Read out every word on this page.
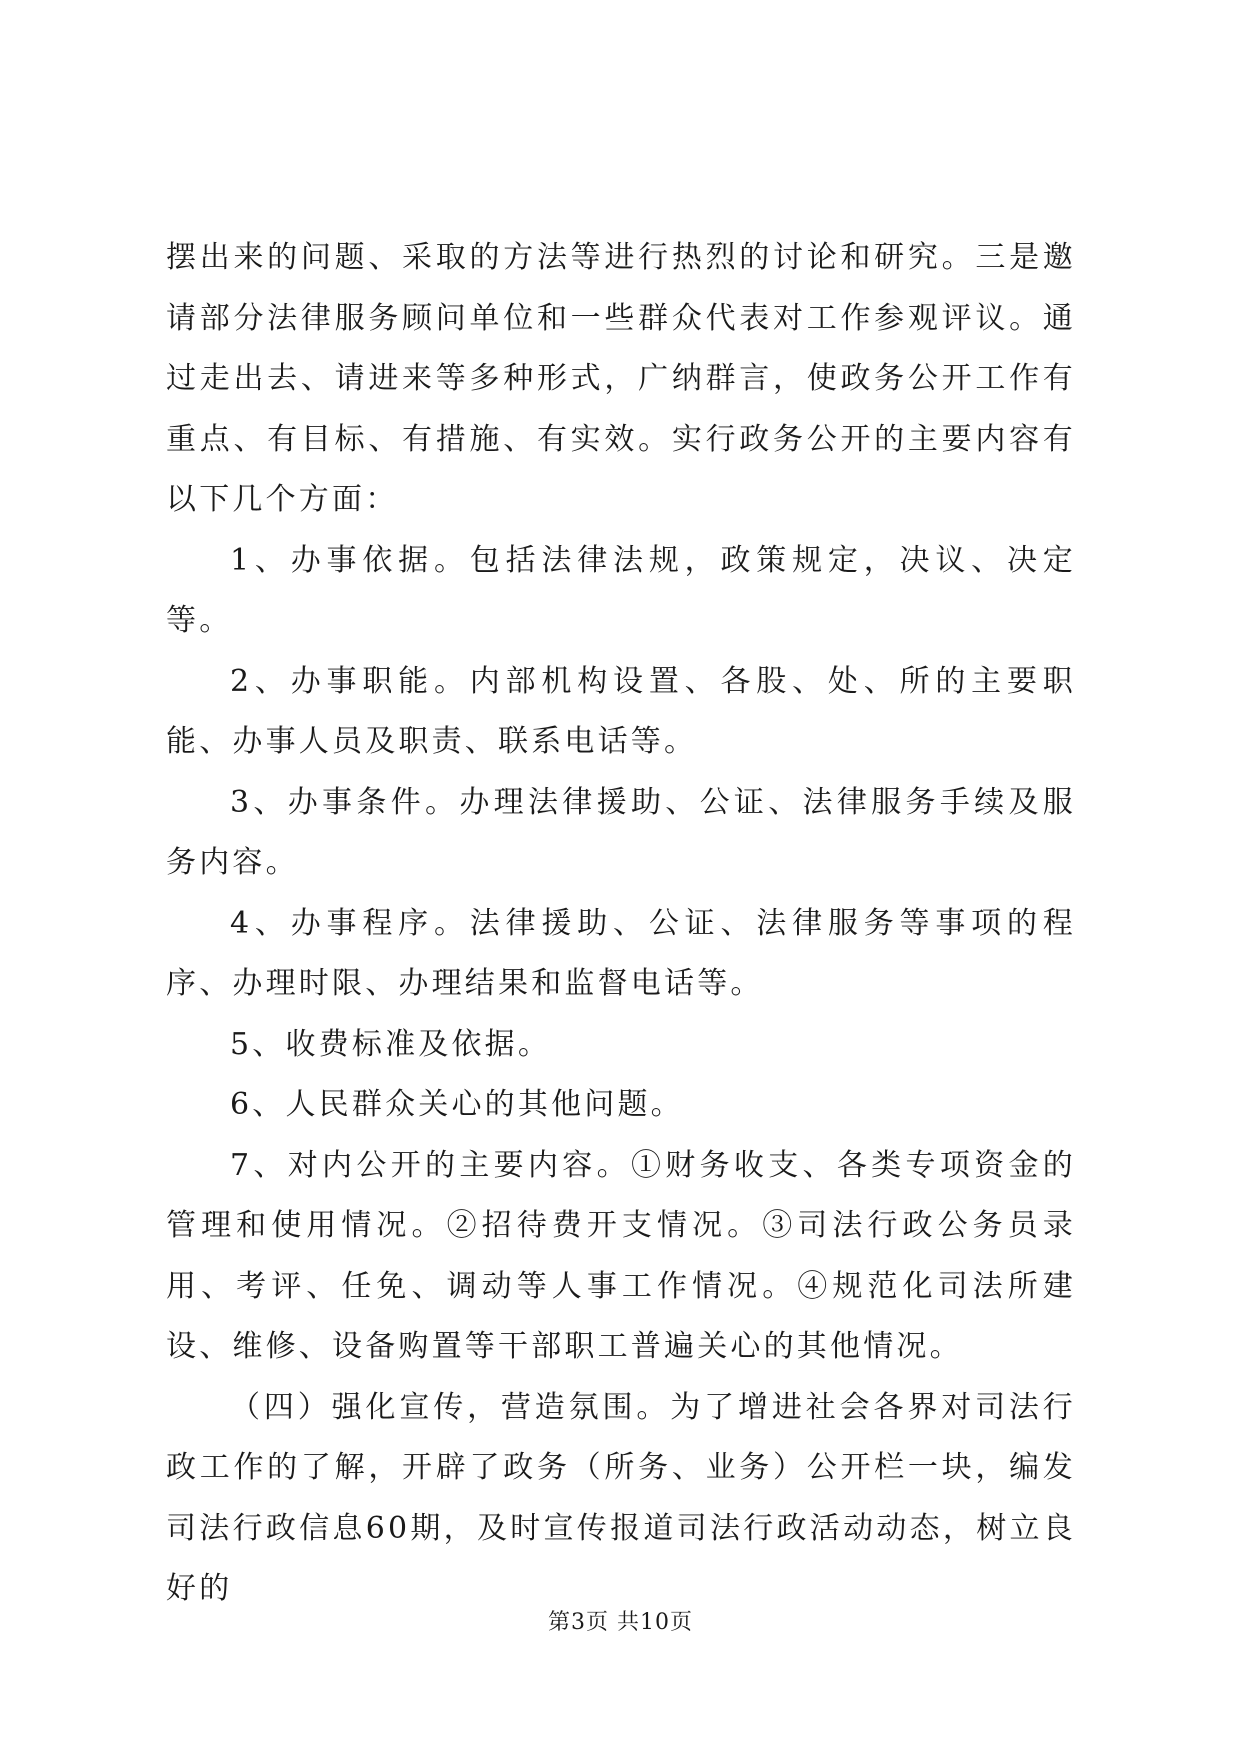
摆出来的问题、采取的方法等进行热烈的讨论和研究。三是邀请部分法律服务顾问单位和一些群众代表对工作参观评议。通过走出去、请进来等多种形式，广纳群言，使政务公开工作有重点、有目标、有措施、有实效。实行政务公开的主要内容有以下几个方面：

1、办事依据。包括法律法规，政策规定，决议、决定等。

2、办事职能。内部机构设置、各股、处、所的主要职能、办事人员及职责、联系电话等。

3、办事条件。办理法律援助、公证、法律服务手续及服务内容。

4、办事程序。法律援助、公证、法律服务等事项的程序、办理时限、办理结果和监督电话等。

5、收费标准及依据。

6、人民群众关心的其他问题。

7、对内公开的主要内容。①财务收支、各类专项资金的管理和使用情况。②招待费开支情况。③司法行政公务员录用、考评、任免、调动等人事工作情况。④规范化司法所建设、维修、设备购置等干部职工普遍关心的其他情况。

（四）强化宣传，营造氛围。为了增进社会各界对司法行政工作的了解，开辟了政务（所务、业务）公开栏一块，编发司法行政信息60期，及时宣传报道司法行政活动动态，树立良好的

第3页 共10页
